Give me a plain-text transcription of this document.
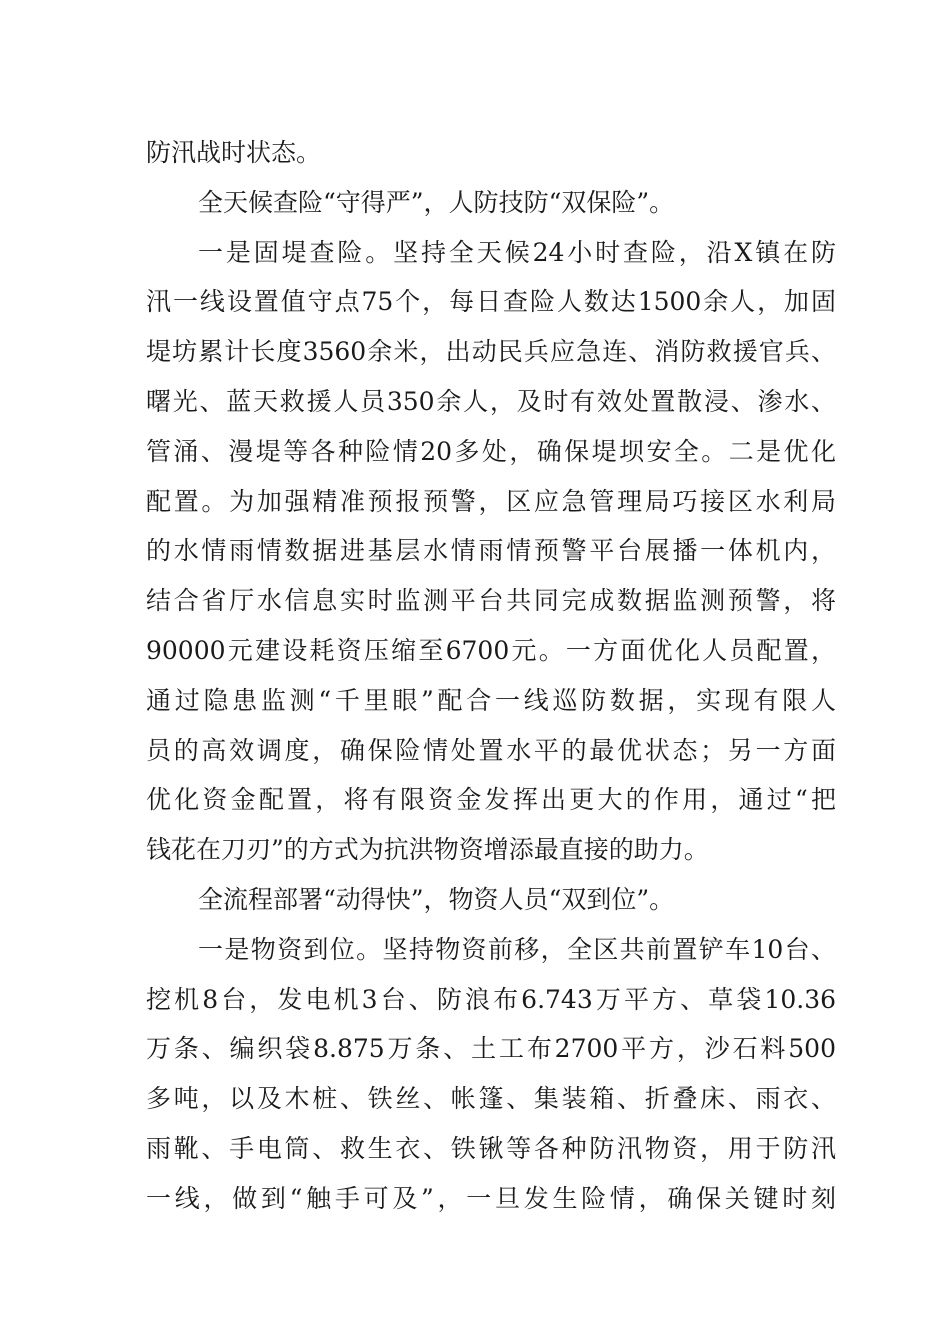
防汛战时状态。
全天候查险“守得严”，人防技防“双保险”。
一是固堤查险。坚持全天候24小时查险，沿X镇在防
汛一线设置值守点75个，每日查险人数达1500余人，加固
堤坊累计长度3560余米，出动民兵应急连、消防救援官兵、
曙光、蓝天救援人员350余人，及时有效处置散浸、渗水、
管涌、漫堤等各种险情20多处，确保堤坝安全。二是优化
配置。为加强精准预报预警，区应急管理局巧接区水利局
的水情雨情数据进基层水情雨情预警平台展播一体机内，
结合省厅水信息实时监测平台共同完成数据监测预警，将
90000元建设耗资压缩至6700元。一方面优化人员配置，
通过隐患监测“千里眼”配合一线巡防数据，实现有限人
员的高效调度，确保险情处置水平的最优状态；另一方面
优化资金配置，将有限资金发挥出更大的作用，通过“把
钱花在刀刃”的方式为抗洪物资增添最直接的助力。
全流程部署“动得快”，物资人员“双到位”。
一是物资到位。坚持物资前移，全区共前置铲车10台、
挖机8台，发电机3台、防浪布6.743万平方、草袋10.36
万条、编织袋8.875万条、土工布2700平方，沙石料500
多吨，以及木桩、铁丝、帐篷、集装箱、折叠床、雨衣、
雨靴、手电筒、救生衣、铁锹等各种防汛物资，用于防汛
一线，做到“触手可及”，一旦发生险情，确保关键时刻
